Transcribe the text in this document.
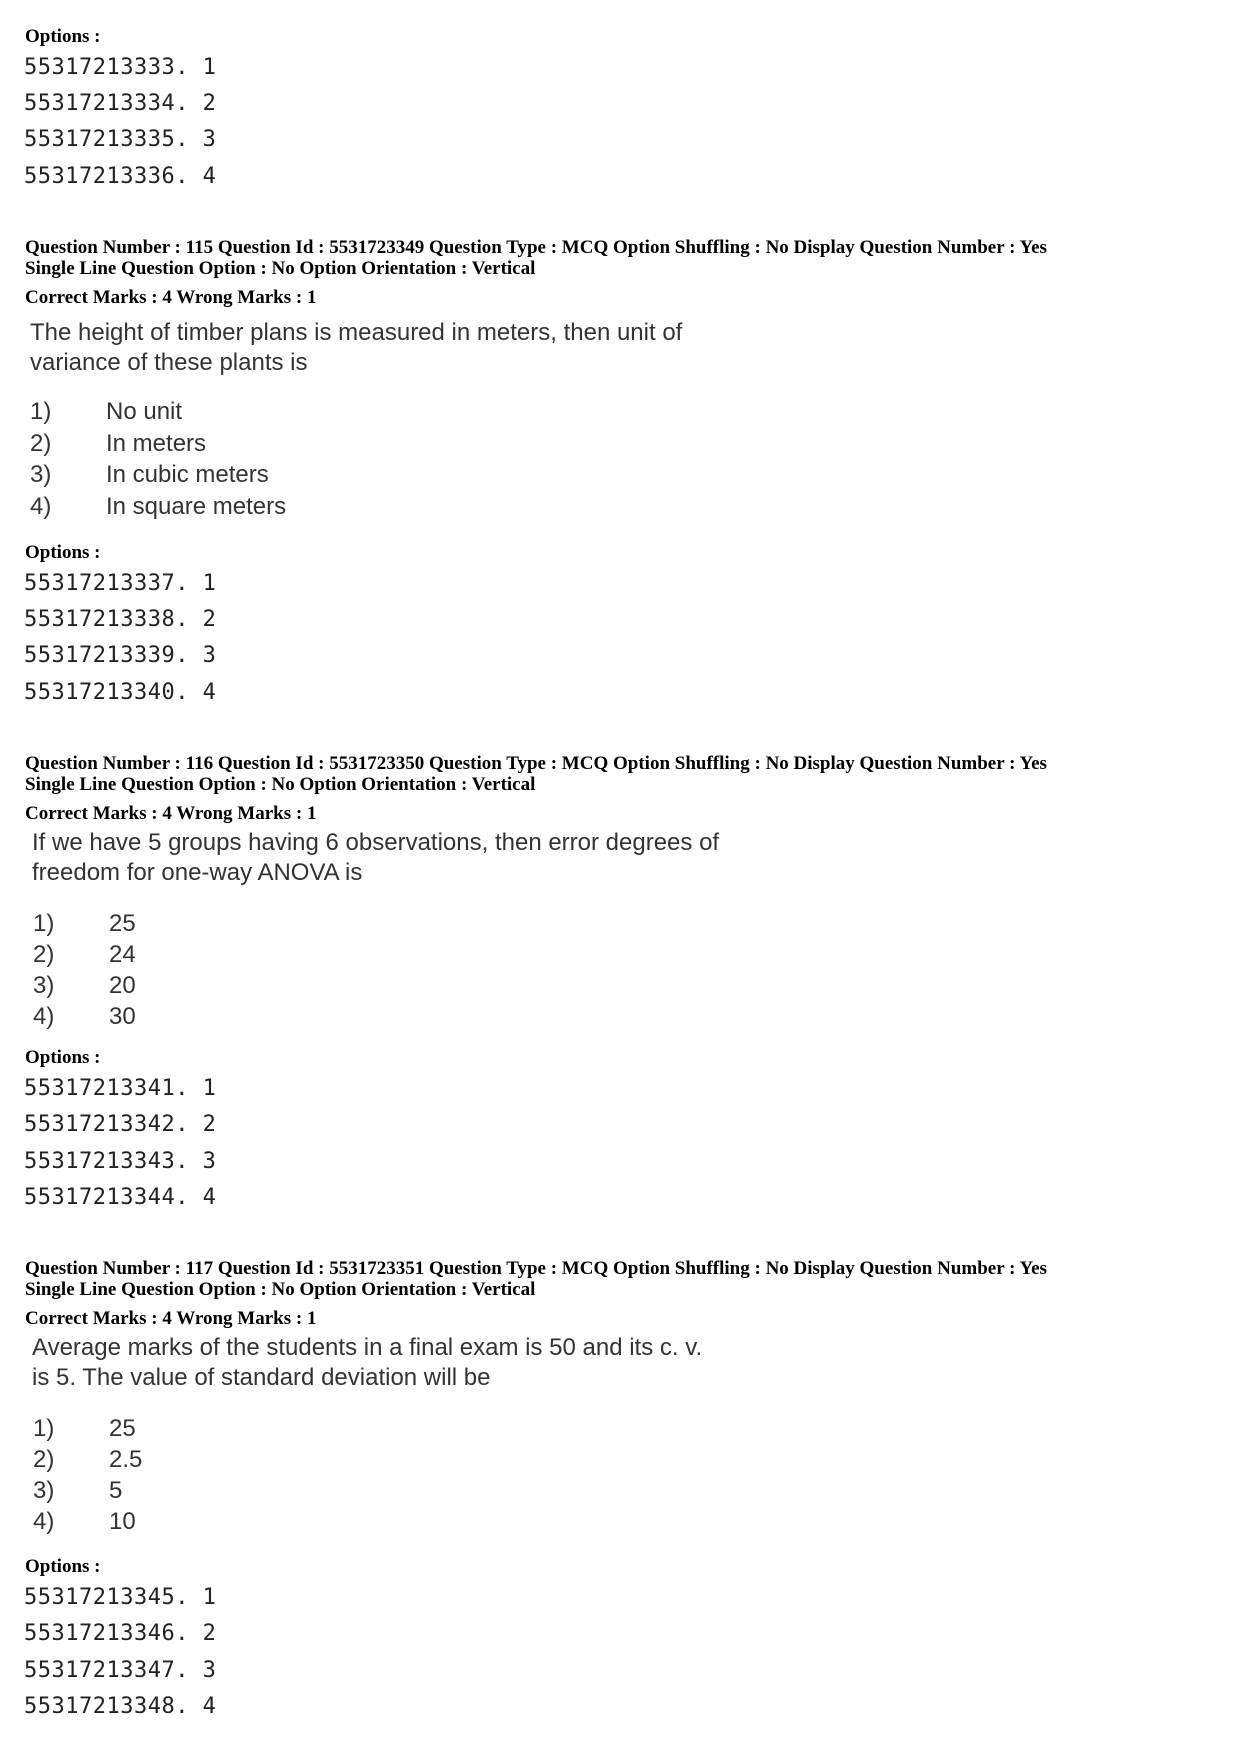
Options :
55317213333. 1
55317213334. 2
55317213335. 3
55317213336. 4
Question Number : 115 Question Id : 5531723349 Question Type : MCQ Option Shuffling : No Display Question Number : Yes
Single Line Question Option : No Option Orientation : Vertical
Correct Marks : 4 Wrong Marks : 1
The height of timber plans is measured in meters, then unit of
variance of these plants is
1) No unit
2) In meters
3) In cubic meters
4) In square meters
Options :
55317213337. 1
55317213338. 2
55317213339. 3
55317213340. 4
Question Number : 116 Question Id : 5531723350 Question Type : MCQ Option Shuffling : No Display Question Number : Yes
Single Line Question Option : No Option Orientation : Vertical
Correct Marks : 4 Wrong Marks : 1
If we have 5 groups having 6 observations, then error degrees of
freedom for one-way ANOVA is
1) 25
2) 24
3) 20
4) 30
Options :
55317213341. 1
55317213342. 2
55317213343. 3
55317213344. 4
Question Number : 117 Question Id : 5531723351 Question Type : MCQ Option Shuffling : No Display Question Number : Yes
Single Line Question Option : No Option Orientation : Vertical
Correct Marks : 4 Wrong Marks : 1
Average marks of the students in a final exam is 50 and its c. v.
is 5. The value of standard deviation will be
1) 25
2) 2.5
3) 5
4) 10
Options :
55317213345. 1
55317213346. 2
55317213347. 3
55317213348. 4
